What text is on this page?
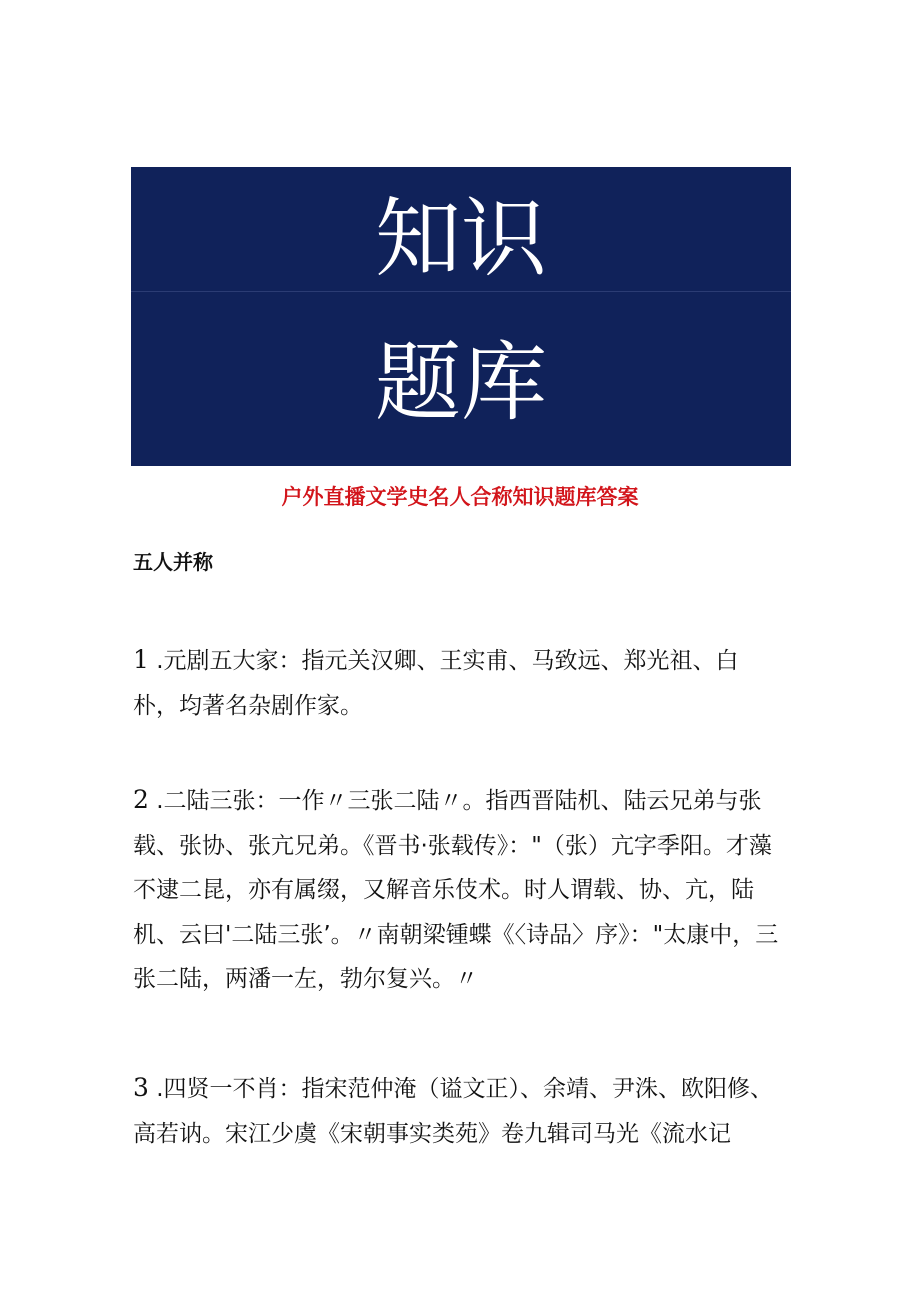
知识
题库
户外直播文学史名人合称知识题库答案
五人并称

1 .元剧五大家：指元关汉卿、王实甫、马致远、郑光祖、白朴，均著名杂剧作家。

2 .二陆三张：一作〃三张二陆〃。指西晋陆机、陆云兄弟与张载、张协、张亢兄弟。《晋书·张载传》："（张）亢字季阳。才藻不逮二昆，亦有属缀，又解音乐伎术。时人谓载、协、亢，陆机、云曰'二陆三张’。〃南朝梁锺蝶《〈诗品〉序》："太康中，三张二陆，两潘一左，勃尔复兴。〃

3 .四贤一不肖：指宋范仲淹（谥文正）、余靖、尹洙、欧阳修、高若讷。宋江少虞《宋朝事实类苑》卷九辑司马光《流水记
